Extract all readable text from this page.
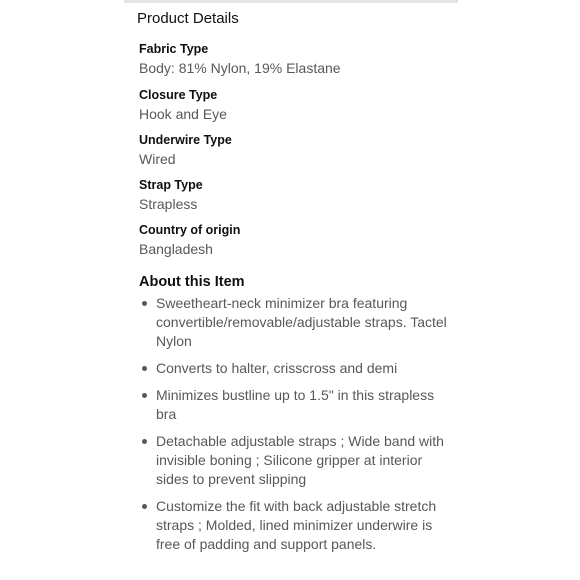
Product Details
Fabric Type
Body: 81% Nylon, 19% Elastane
Closure Type
Hook and Eye
Underwire Type
Wired
Strap Type
Strapless
Country of origin
Bangladesh
About this Item
Sweetheart-neck minimizer bra featuring convertible/removable/adjustable straps. Tactel Nylon
Converts to halter, crisscross and demi
Minimizes bustline up to 1.5" in this strapless bra
Detachable adjustable straps ; Wide band with invisible boning ; Silicone gripper at interior sides to prevent slipping
Customize the fit with back adjustable stretch straps ; Molded, lined minimizer underwire is free of padding and support panels.
